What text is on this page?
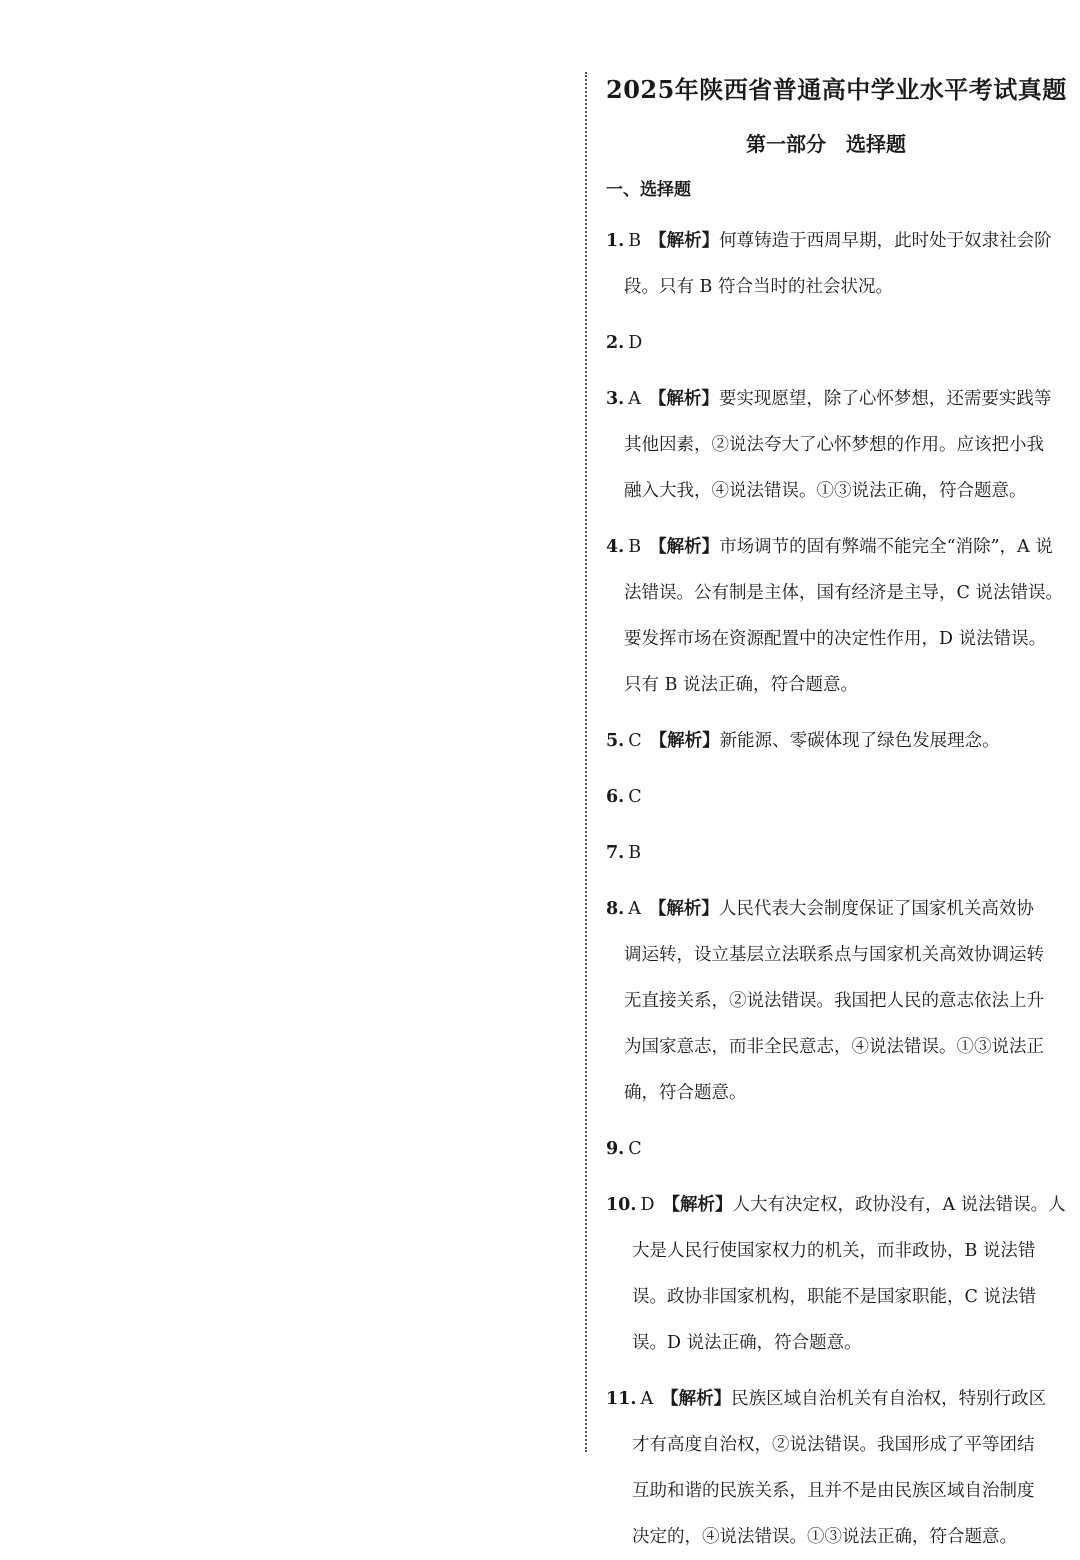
2025年陕西省普通高中学业水平考试真题
第一部分　选择题
一、选择题
1. B 【解析】何尊铸造于西周早期，此时处于奴隶社会阶
段。只有 B 符合当时的社会状况。
2. D
3. A 【解析】要实现愿望，除了心怀梦想，还需要实践等
其他因素，②说法夸大了心怀梦想的作用。应该把小我
融入大我，④说法错误。①③说法正确，符合题意。
4. B 【解析】市场调节的固有弊端不能完全“消除”，A 说
法错误。公有制是主体，国有经济是主导，C 说法错误。
要发挥市场在资源配置中的决定性作用，D 说法错误。
只有 B 说法正确，符合题意。
5. C 【解析】新能源、零碳体现了绿色发展理念。
6. C
7. B
8. A 【解析】人民代表大会制度保证了国家机关高效协
调运转，设立基层立法联系点与国家机关高效协调运转
无直接关系，②说法错误。我国把人民的意志依法上升
为国家意志，而非全民意志，④说法错误。①③说法正
确，符合题意。
9. C
10. D 【解析】人大有决定权，政协没有，A 说法错误。人
大是人民行使国家权力的机关，而非政协，B 说法错
误。政协非国家机构，职能不是国家职能，C 说法错
误。D 说法正确，符合题意。
11. A 【解析】民族区域自治机关有自治权，特别行政区
才有高度自治权，②说法错误。我国形成了平等团结
互助和谐的民族关系，且并不是由民族区域自治制度
决定的，④说法错误。①③说法正确，符合题意。
